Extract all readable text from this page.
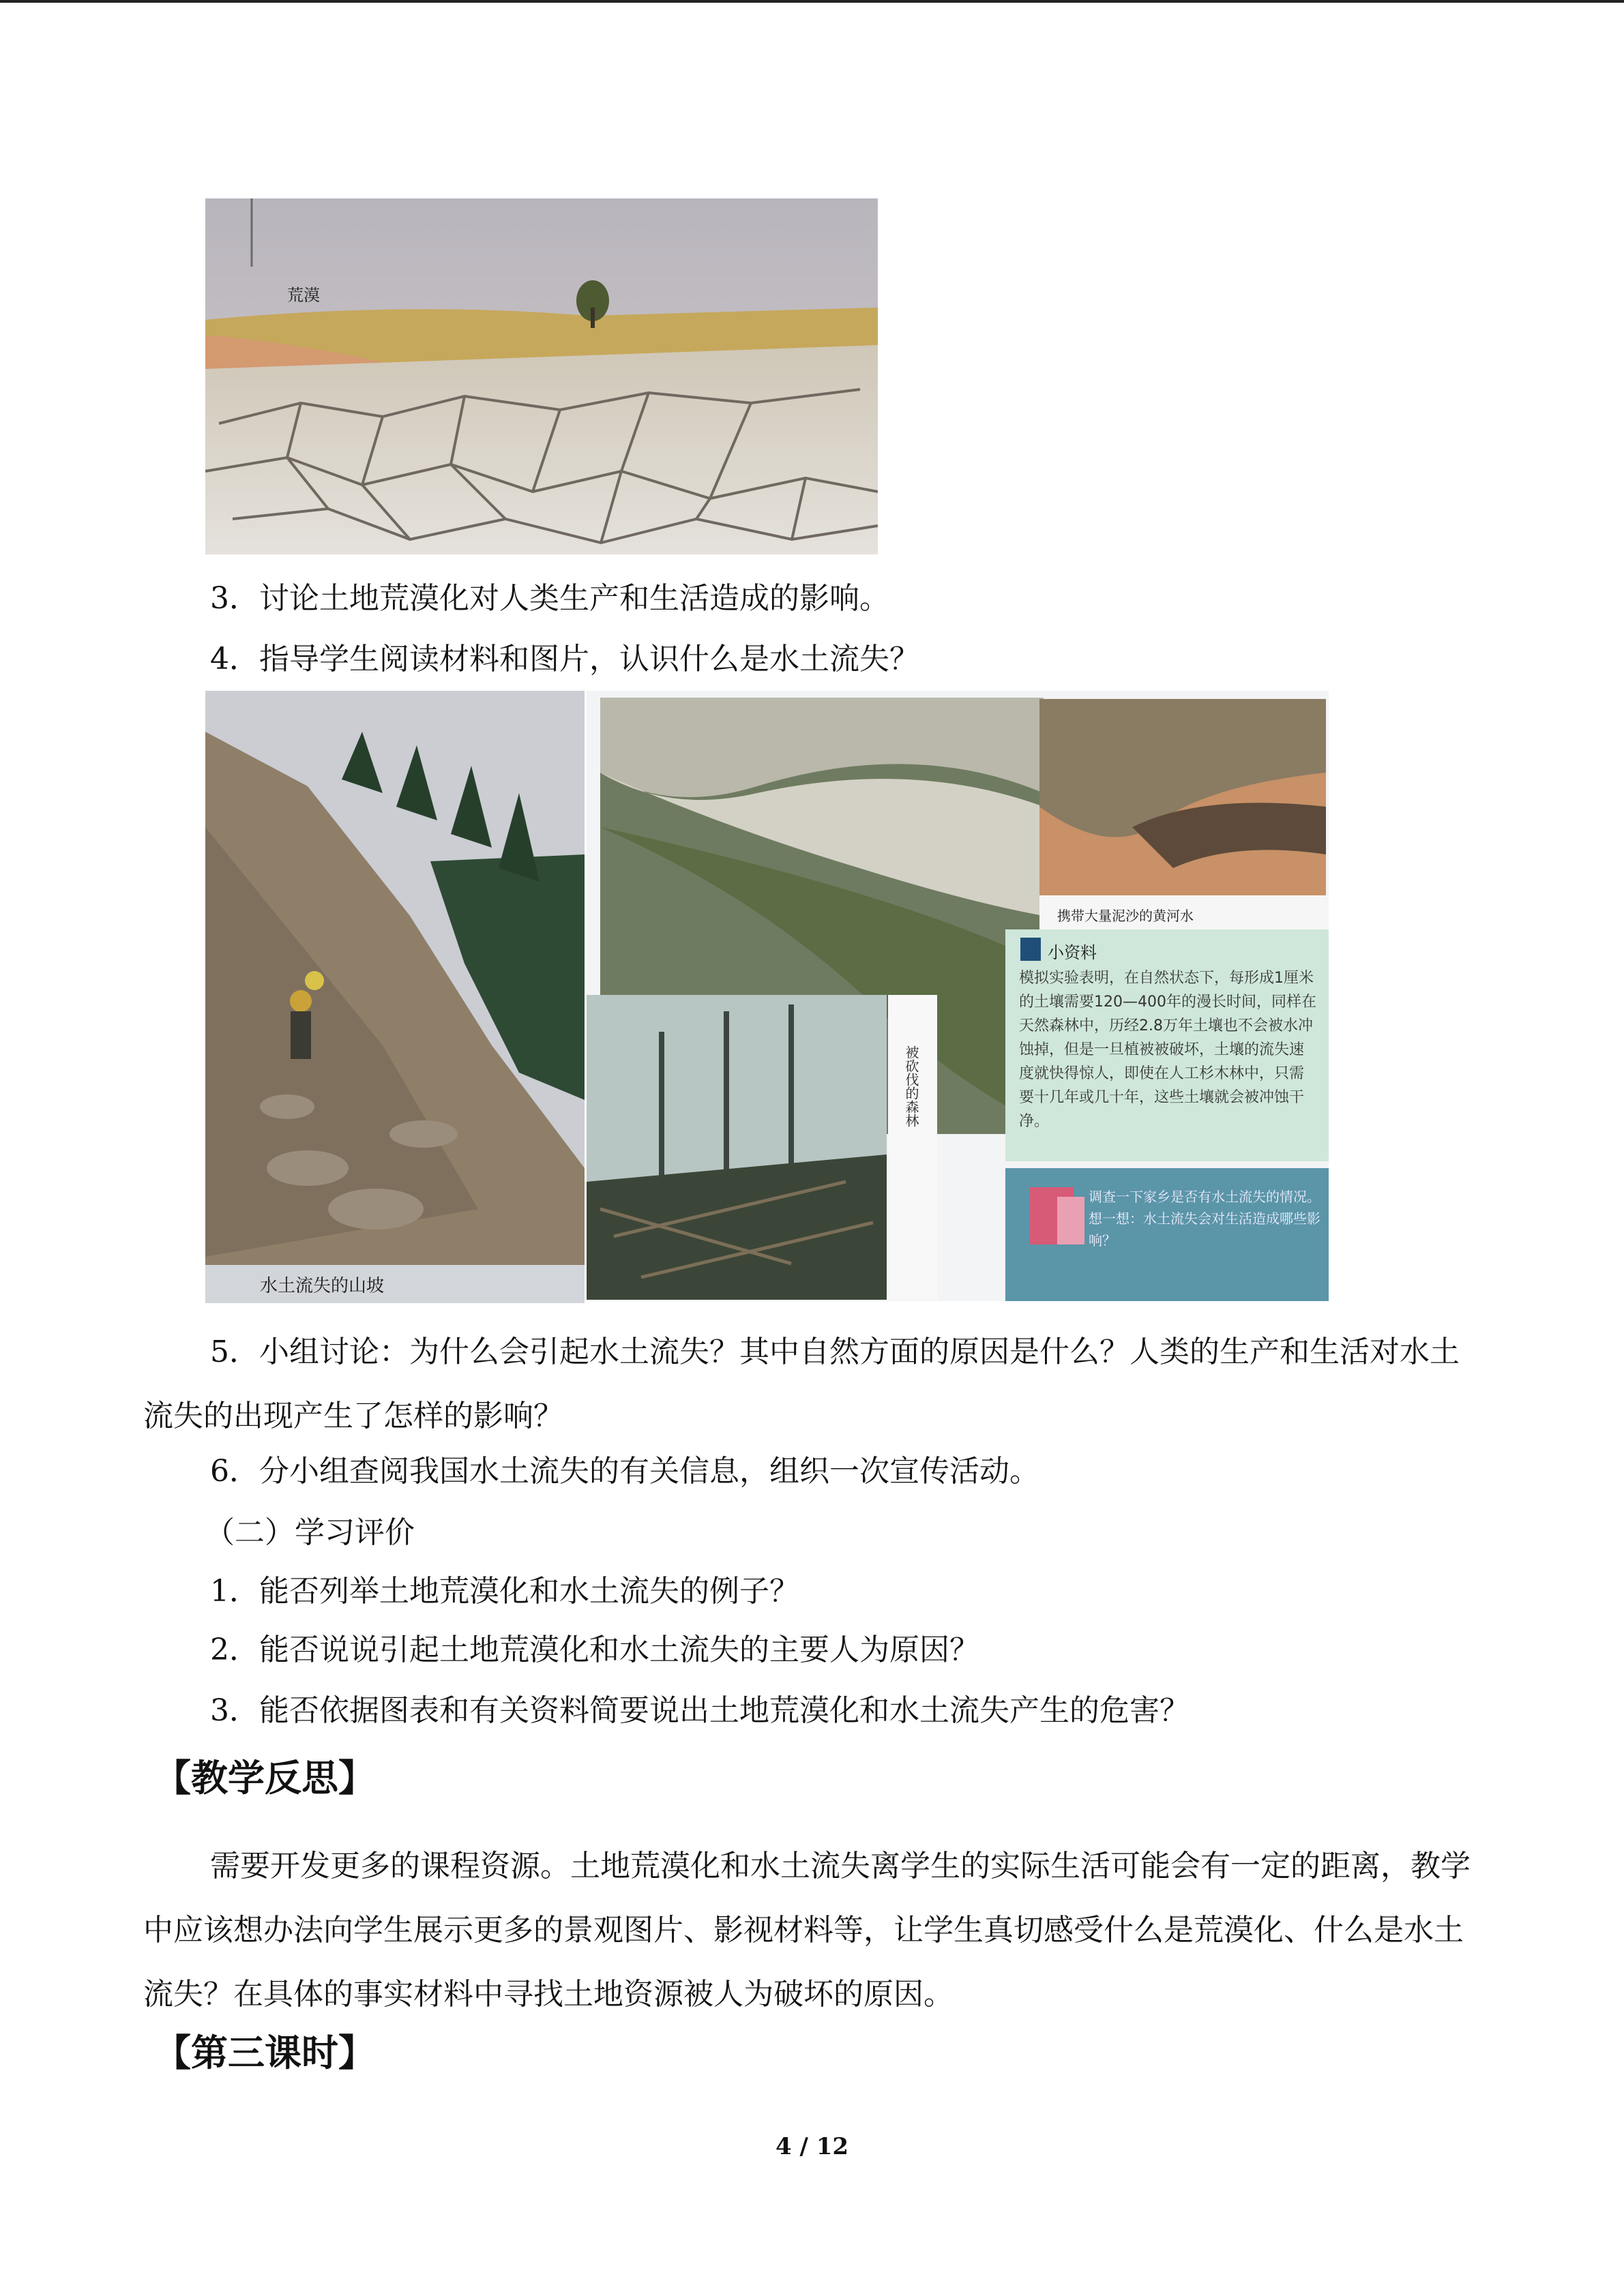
荒漠
3．讨论土地荒漠化对人类生产和生活造成的影响。
4．指导学生阅读材料和图片，认识什么是水土流失？
水土流失的山坡
携带大量泥沙的黄河水
被砍伐的森林
小资料
模拟实验表明，在自然状态下，每形成1厘米的土壤需要120—400年的漫长时间，同样在天然森林中，历经2.8万年土壤也不会被水冲蚀掉，但是一旦植被被破坏，土壤的流失速度就快得惊人，即使在人工杉木林中，只需要十几年或几十年，这些土壤就会被冲蚀干净。
调查一下家乡是否有水土流失的情况。想一想：水土流失会对生活造成哪些影响？

5．小组讨论：为什么会引起水土流失？其中自然方面的原因是什么？人类的生产和生活对水土流失的出现产生了怎样的影响？

6．分小组查阅我国水土流失的有关信息，组织一次宣传活动。
（二）学习评价
1．能否列举土地荒漠化和水土流失的例子？
2．能否说说引起土地荒漠化和水土流失的主要人为原因？
3．能否依据图表和有关资料简要说出土地荒漠化和水土流失产生的危害？
【教学反思】

需要开发更多的课程资源。土地荒漠化和水土流失离学生的实际生活可能会有一定的距离，教学中应该想办法向学生展示更多的景观图片、影视材料等，让学生真切感受什么是荒漠化、什么是水土流失？在具体的事实材料中寻找土地资源被人为破坏的原因。

【第三课时】
4 / 12
